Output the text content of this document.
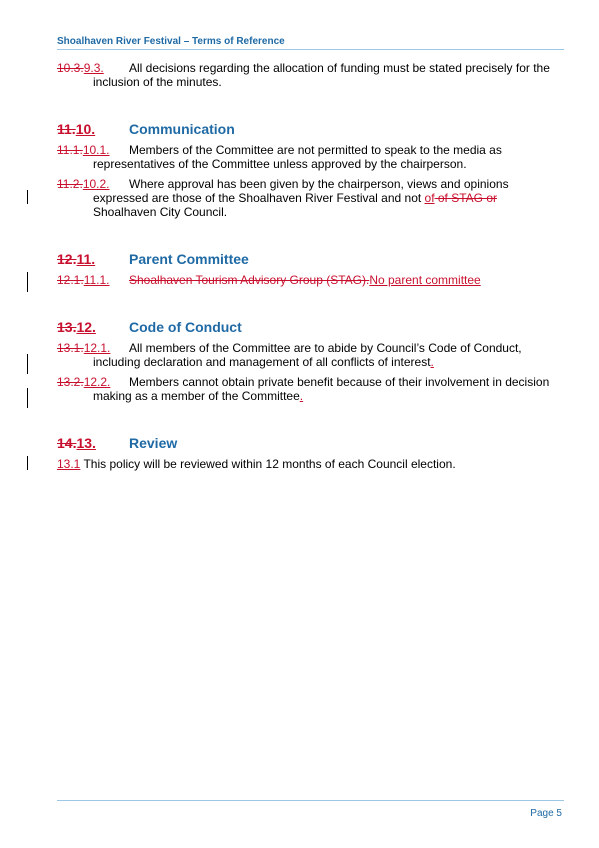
Shoalhaven River Festival – Terms of Reference
10.3.9.3. All decisions regarding the allocation of funding must be stated precisely for the inclusion of the minutes.
11.10. Communication
11.1.10.1. Members of the Committee are not permitted to speak to the media as representatives of the Committee unless approved by the chairperson.
11.2.10.2. Where approval has been given by the chairperson, views and opinions expressed are those of the Shoalhaven River Festival and not of of STAG or Shoalhaven City Council.
12.11. Parent Committee
12.1.11.1. Shoalhaven Tourism Advisory Group (STAG).No parent committee
13.12. Code of Conduct
13.1.12.1. All members of the Committee are to abide by Council’s Code of Conduct, including declaration and management of all conflicts of interest.
13.2.12.2. Members cannot obtain private benefit because of their involvement in decision making as a member of the Committee.
14.13. Review
13.1 This policy will be reviewed within 12 months of each Council election.
Page 5
